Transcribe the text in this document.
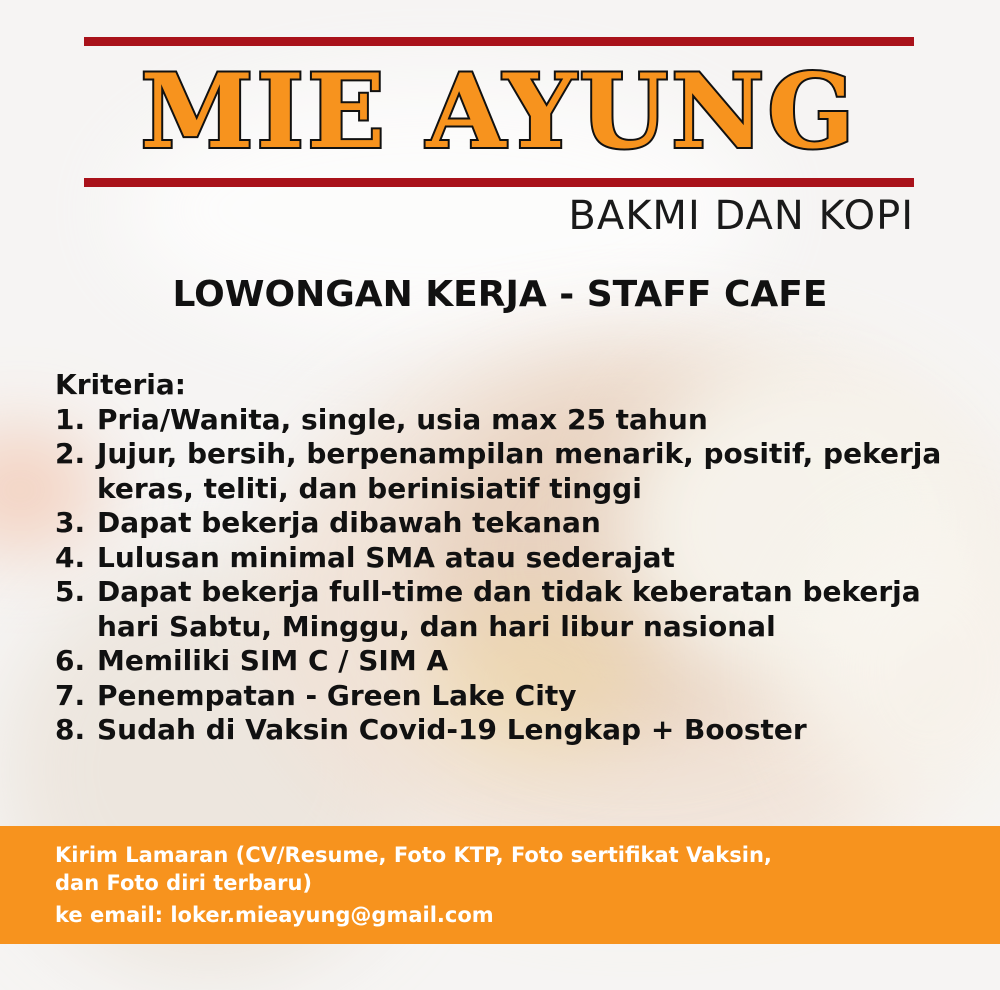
MIE AYUNG

BAKMI DAN KOPI

LOWONGAN KERJA - STAFF CAFE

Kriteria:

1. Pria/Wanita, single, usia max 25 tahun
2. Jujur, bersih, berpenampilan menarik, positif, pekerja keras, teliti, dan berinisiatif tinggi
3. Dapat bekerja dibawah tekanan
4. Lulusan minimal SMA atau sederajat
5. Dapat bekerja full-time dan tidak keberatan bekerja hari Sabtu, Minggu, dan hari libur nasional
6. Memiliki SIM C / SIM A
7. Penempatan - Green Lake City
8. Sudah di Vaksin Covid-19 Lengkap + Booster
Kirim Lamaran (CV/Resume, Foto KTP, Foto sertifikat Vaksin,
dan Foto diri terbaru)
ke email: loker.mieayung@gmail.com
